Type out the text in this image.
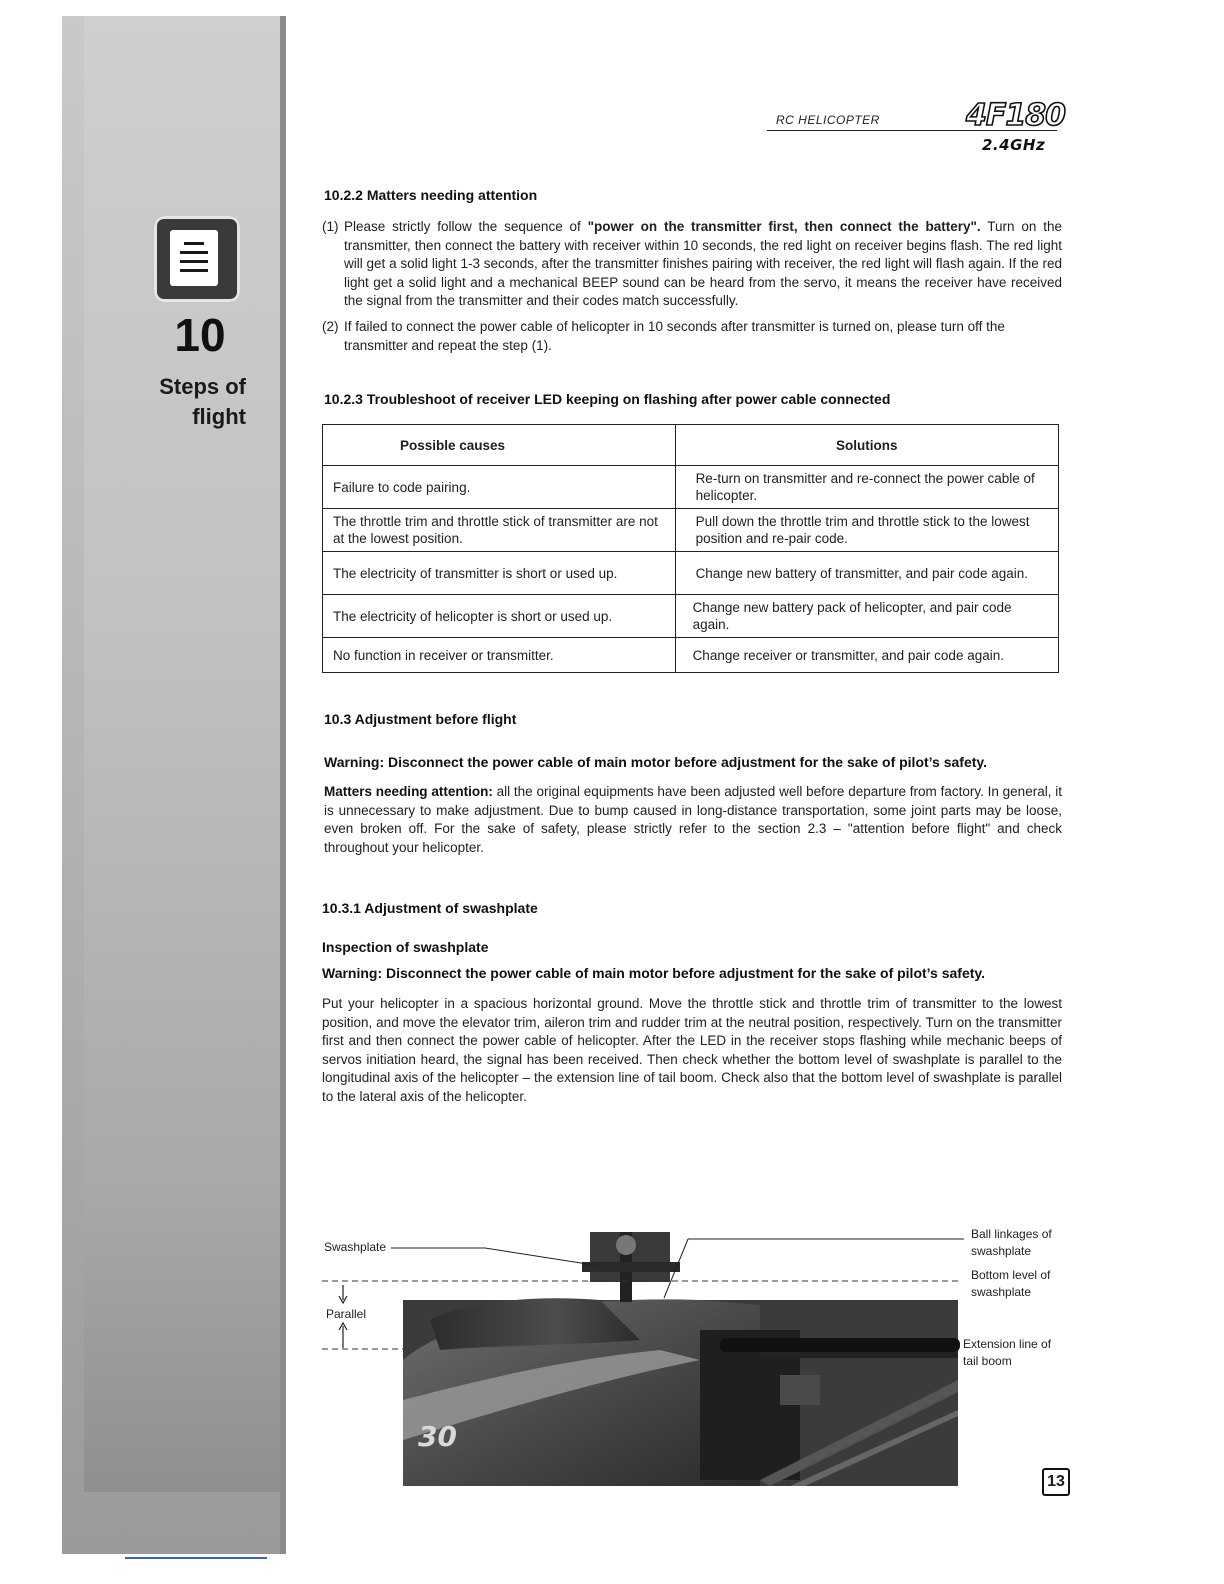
10
Steps of
flight
RC HELICOPTER	4F180
2.4GHz
10.2.2 Matters needing attention
(1) Please strictly follow the sequence of "power on the transmitter first, then connect the battery". Turn on the transmitter, then connect the battery with receiver within 10 seconds, the red light on receiver begins flash. The red light will get a solid light 1-3 seconds, after the transmitter finishes pairing with receiver, the red light will flash again. If the red light get a solid light and a mechanical BEEP sound can be heard from the servo, it means the receiver have received the signal from the transmitter and their codes match successfully.
(2) If failed to connect the power cable of helicopter in 10 seconds after transmitter is turned on, please turn off the transmitter and repeat the step (1).
10.2.3 Troubleshoot of receiver LED keeping on flashing after power cable connected
Possible causes	Solutions
Failure to code pairing.	Re-turn on transmitter and re-connect the power cable of helicopter.
The throttle trim and throttle stick of transmitter are not at the lowest position.	Pull down the throttle trim and throttle stick to the lowest position and re-pair code.
The electricity of transmitter is short or used up.	Change new battery of transmitter, and pair code again.
The electricity of helicopter is short or used up.	Change new battery pack of helicopter, and pair code again.
No function in receiver or transmitter.	Change receiver or transmitter, and pair code again.
10.3 Adjustment before flight
Warning: Disconnect the power cable of main motor before adjustment for the sake of pilot’s safety.
Matters needing attention: all the original equipments have been adjusted well before departure from factory. In general, it is unnecessary to make adjustment. Due to bump caused in long-distance transportation, some joint parts may be loose, even broken off. For the sake of safety, please strictly refer to the section 2.3 – "attention before flight" and check throughout your helicopter.
10.3.1 Adjustment of swashplate
Inspection of swashplate
Warning: Disconnect the power cable of main motor before adjustment for the sake of pilot’s safety.
Put your helicopter in a spacious horizontal ground. Move the throttle stick and throttle trim of transmitter to the lowest position, and move the elevator trim, aileron trim and rudder trim at the neutral position, respectively. Turn on the transmitter first and then connect the power cable of helicopter. After the LED in the receiver stops flashing while mechanic beeps of servos initiation heard, the signal has been received. Then check whether the bottom level of swashplate is parallel to the longitudinal axis of the helicopter – the extension line of tail boom. Check also that the bottom level of swashplate is parallel to the lateral axis of the helicopter.
30
Swashplate
Parallel
Ball linkages of swashplate
Bottom level of swashplate
Extension line of tail boom
13
